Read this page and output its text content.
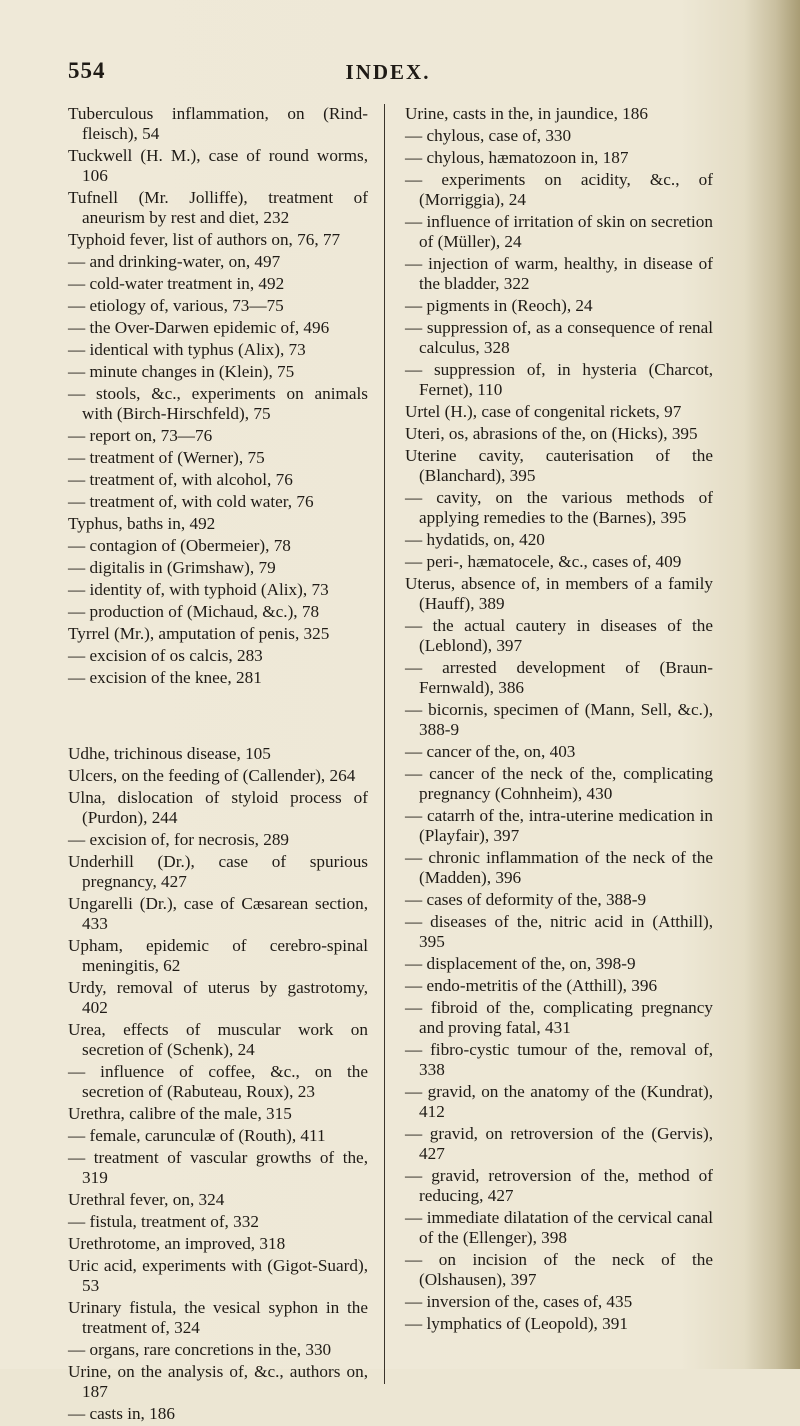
554	INDEX.

Tuberculous inflammation, on (Rind-fleisch), 54

Tuckwell (H. M.), case of round worms, 106

Tufnell (Mr. Jolliffe), treatment of aneurism by rest and diet, 232

Typhoid fever, list of authors on, 76, 77

— and drinking-water, on, 497

— cold-water treatment in, 492

— etiology of, various, 73—75

— the Over-Darwen epidemic of, 496

— identical with typhus (Alix), 73

— minute changes in (Klein), 75

— stools, &c., experiments on animals with (Birch-Hirschfeld), 75

— report on, 73—76

— treatment of (Werner), 75

— treatment of, with alcohol, 76

— treatment of, with cold water, 76

Typhus, baths in, 492

— contagion of (Obermeier), 78

— digitalis in (Grimshaw), 79

— identity of, with typhoid (Alix), 73

— production of (Michaud, &c.), 78

Tyrrel (Mr.), amputation of penis, 325

— excision of os calcis, 283

— excision of the knee, 281

Udhe, trichinous disease, 105

Ulcers, on the feeding of (Callender), 264

Ulna, dislocation of styloid process of (Purdon), 244

— excision of, for necrosis, 289

Underhill (Dr.), case of spurious pregnancy, 427

Ungarelli (Dr.), case of Cæsarean section, 433

Upham, epidemic of cerebro-spinal meningitis, 62

Urdy, removal of uterus by gastrotomy, 402

Urea, effects of muscular work on secretion of (Schenk), 24

— influence of coffee, &c., on the secretion of (Rabuteau, Roux), 23

Urethra, calibre of the male, 315

— female, carunculæ of (Routh), 411

— treatment of vascular growths of the, 319

Urethral fever, on, 324

— fistula, treatment of, 332

Urethrotome, an improved, 318

Uric acid, experiments with (Gigot-Suard), 53

Urinary fistula, the vesical syphon in the treatment of, 324

— organs, rare concretions in the, 330

Urine, on the analysis of, &c., authors on, 187

— casts in, 186

Urine, casts in the, in jaundice, 186

— chylous, case of, 330

— chylous, hæmatozoon in, 187

— experiments on acidity, &c., of (Morriggia), 24

— influence of irritation of skin on secretion of (Müller), 24

— injection of warm, healthy, in disease of the bladder, 322

— pigments in (Reoch), 24

— suppression of, as a consequence of renal calculus, 328

— suppression of, in hysteria (Charcot, Fernet), 110

Urtel (H.), case of congenital rickets, 97

Uteri, os, abrasions of the, on (Hicks), 395

Uterine cavity, cauterisation of the (Blanchard), 395

— cavity, on the various methods of applying remedies to the (Barnes), 395

— hydatids, on, 420

— peri-, hæmatocele, &c., cases of, 409

Uterus, absence of, in members of a family (Hauff), 389

— the actual cautery in diseases of the (Leblond), 397

— arrested development of (Braun-Fernwald), 386

— bicornis, specimen of (Mann, Sell, &c.), 388-9

— cancer of the, on, 403

— cancer of the neck of the, complicating pregnancy (Cohnheim), 430

— catarrh of the, intra-uterine medication in (Playfair), 397

— chronic inflammation of the neck of the (Madden), 396

— cases of deformity of the, 388-9

— diseases of the, nitric acid in (Atthill), 395

— displacement of the, on, 398-9

— endo-metritis of the (Atthill), 396

— fibroid of the, complicating pregnancy and proving fatal, 431

— fibro-cystic tumour of the, removal of, 338

— gravid, on the anatomy of the (Kundrat), 412

— gravid, on retroversion of the (Gervis), 427

— gravid, retroversion of the, method of reducing, 427

— immediate dilatation of the cervical canal of the (Ellenger), 398

— on incision of the neck of the (Olshausen), 397

— inversion of the, cases of, 435

— lymphatics of (Leopold), 391
